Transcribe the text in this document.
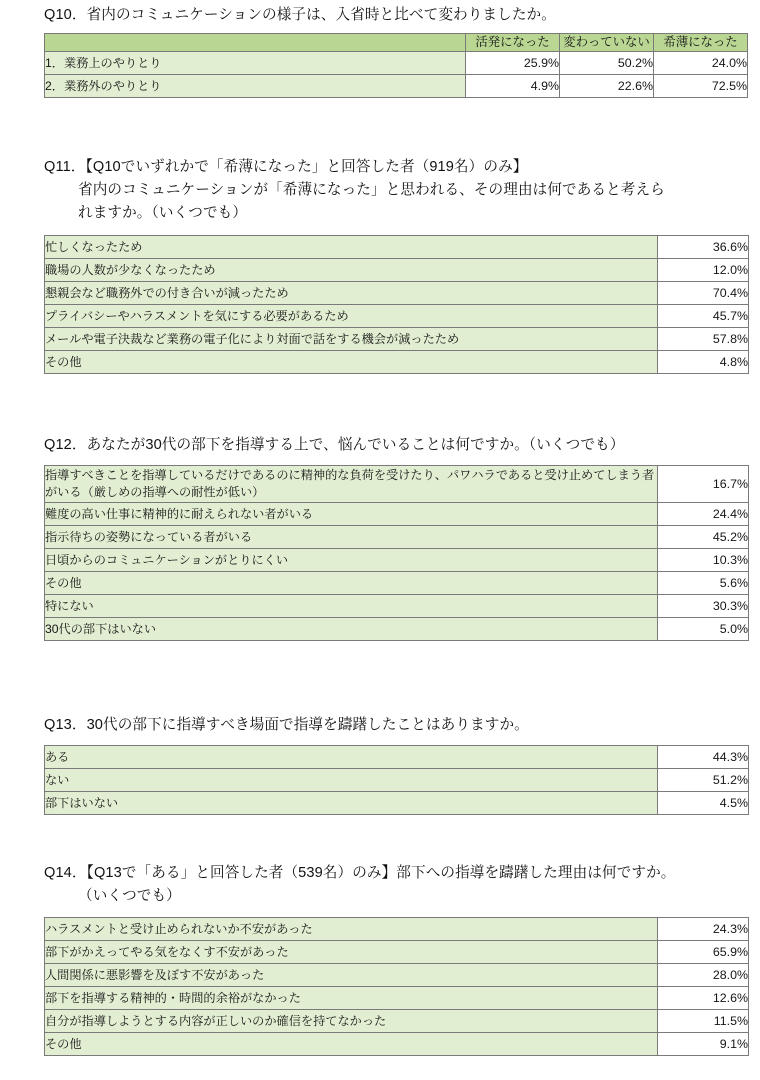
Q10．省内のコミュニケーションの様子は、入省時と比べて変わりましたか。

	活発になった	変わっていない	希薄になった
1．業務上のやりとり	25.9%	50.2%	24.0%
2．業務外のやりとり	4.9%	22.6%	72.5%

Q11．【Q10でいずれかで「希薄になった」と回答した者（919名）のみ】
省内のコミュニケーションが「希薄になった」と思われる、その理由は何であると考えら
れますか。（いくつでも）

忙しくなったため	36.6%
職場の人数が少なくなったため	12.0%
懇親会など職務外での付き合いが減ったため	70.4%
プライバシーやハラスメントを気にする必要があるため	45.7%
メールや電子決裁など業務の電子化により対面で話をする機会が減ったため	57.8%
その他	4.8%

Q12．あなたが30代の部下を指導する上で、悩んでいることは何ですか。（いくつでも）

指導すべきことを指導しているだけであるのに精神的な負荷を受けたり、パワハラであると受け止めてしまう者がいる（厳しめの指導への耐性が低い）	16.7%
難度の高い仕事に精神的に耐えられない者がいる	24.4%
指示待ちの姿勢になっている者がいる	45.2%
日頃からのコミュニケーションがとりにくい	10.3%
その他	5.6%
特にない	30.3%
30代の部下はいない	5.0%

Q13．30代の部下に指導すべき場面で指導を躊躇したことはありますか。

ある	44.3%
ない	51.2%
部下はいない	4.5%

Q14．【Q13で「ある」と回答した者（539名）のみ】部下への指導を躊躇した理由は何ですか。
（いくつでも）

ハラスメントと受け止められないか不安があった	24.3%
部下がかえってやる気をなくす不安があった	65.9%
人間関係に悪影響を及ぼす不安があった	28.0%
部下を指導する精神的・時間的余裕がなかった	12.6%
自分が指導しようとする内容が正しいのか確信を持てなかった	11.5%
その他	9.1%
